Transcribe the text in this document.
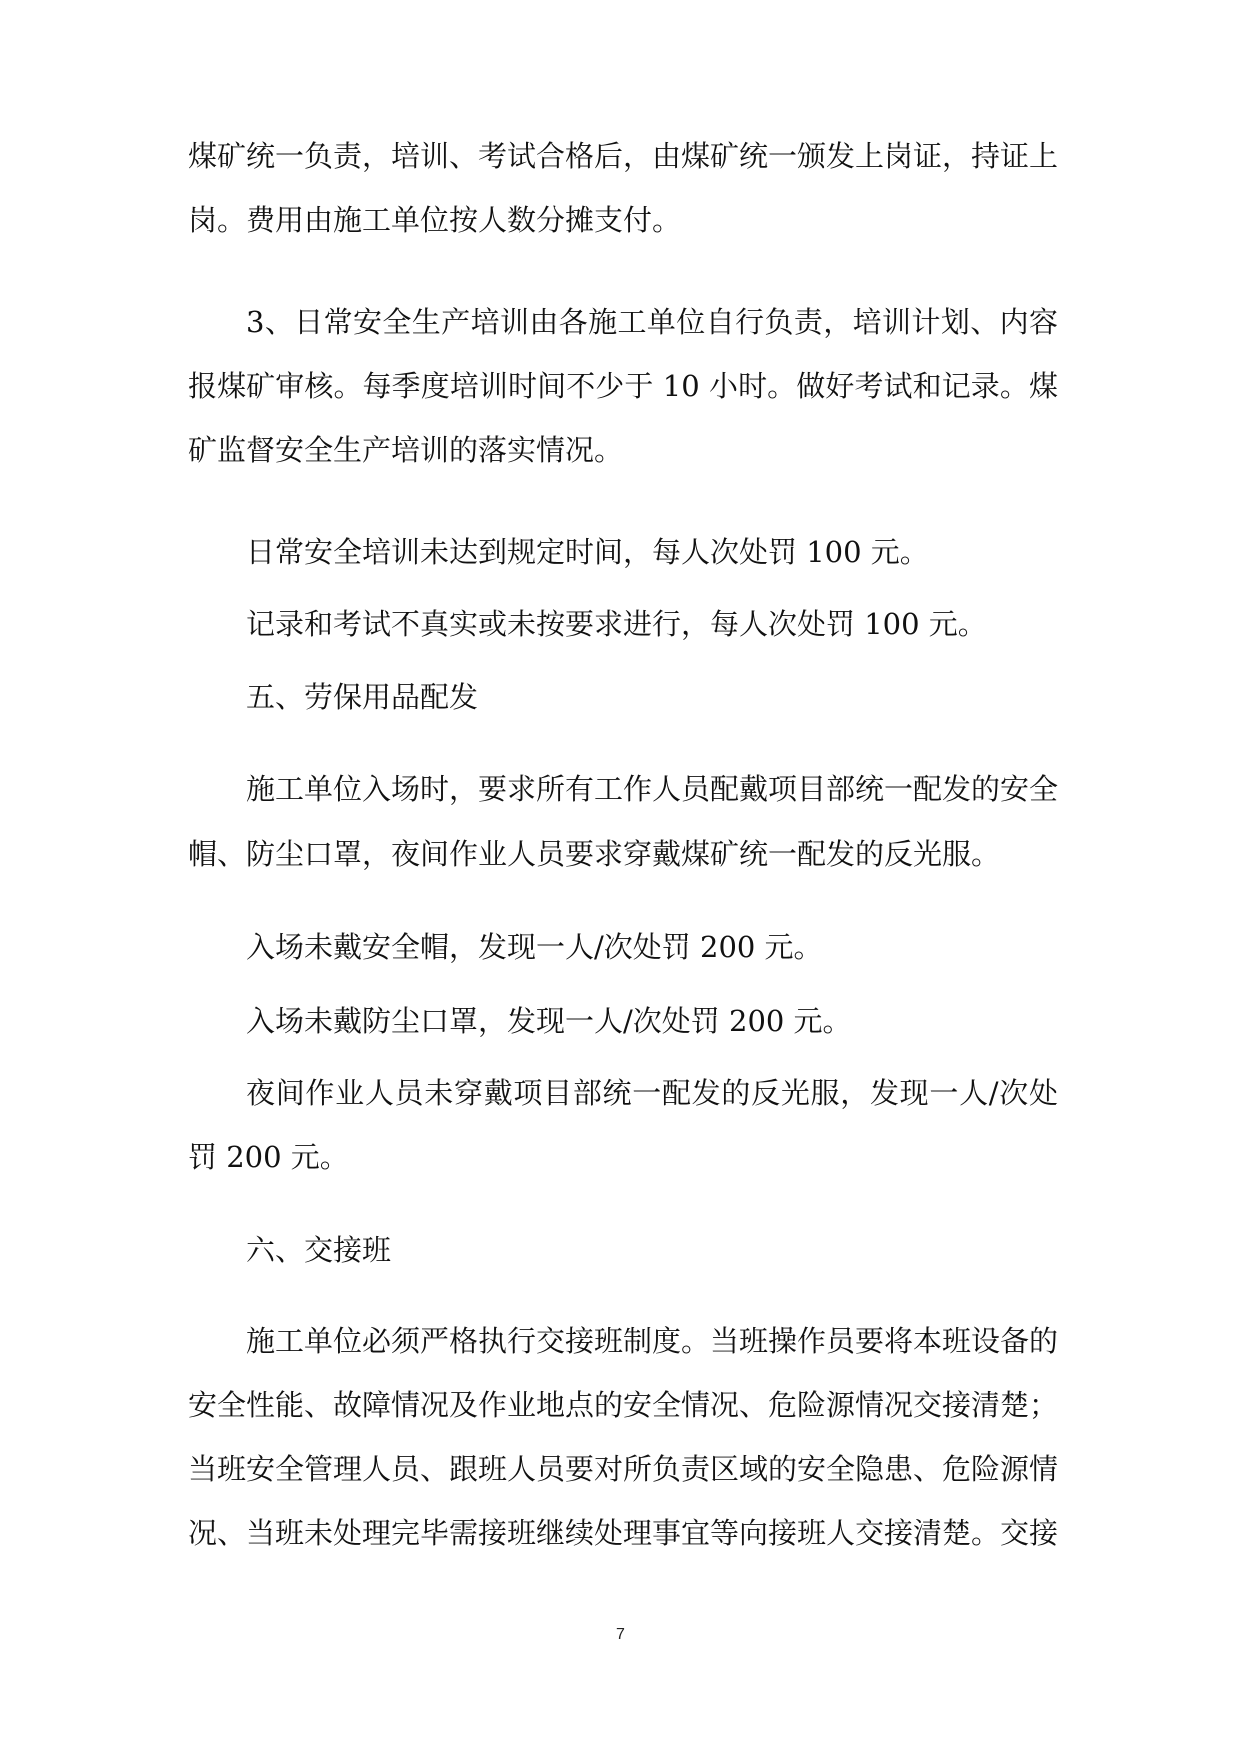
煤矿统一负责，培训、考试合格后，由煤矿统一颁发上岗证，持证上
岗。费用由施工单位按人数分摊支付。
3、日常安全生产培训由各施工单位自行负责，培训计划、内容
报煤矿审核。每季度培训时间不少于 10 小时。做好考试和记录。煤
矿监督安全生产培训的落实情况。
日常安全培训未达到规定时间，每人次处罚 100 元。
记录和考试不真实或未按要求进行，每人次处罚 100 元。
五、劳保用品配发
施工单位入场时，要求所有工作人员配戴项目部统一配发的安全
帽、防尘口罩，夜间作业人员要求穿戴煤矿统一配发的反光服。
入场未戴安全帽，发现一人/次处罚 200 元。
入场未戴防尘口罩，发现一人/次处罚 200 元。
夜间作业人员未穿戴项目部统一配发的反光服，发现一人/次处
罚 200 元。
六、交接班
施工单位必须严格执行交接班制度。当班操作员要将本班设备的
安全性能、故障情况及作业地点的安全情况、危险源情况交接清楚；
当班安全管理人员、跟班人员要对所负责区域的安全隐患、危险源情
况、当班未处理完毕需接班继续处理事宜等向接班人交接清楚。交接
7
